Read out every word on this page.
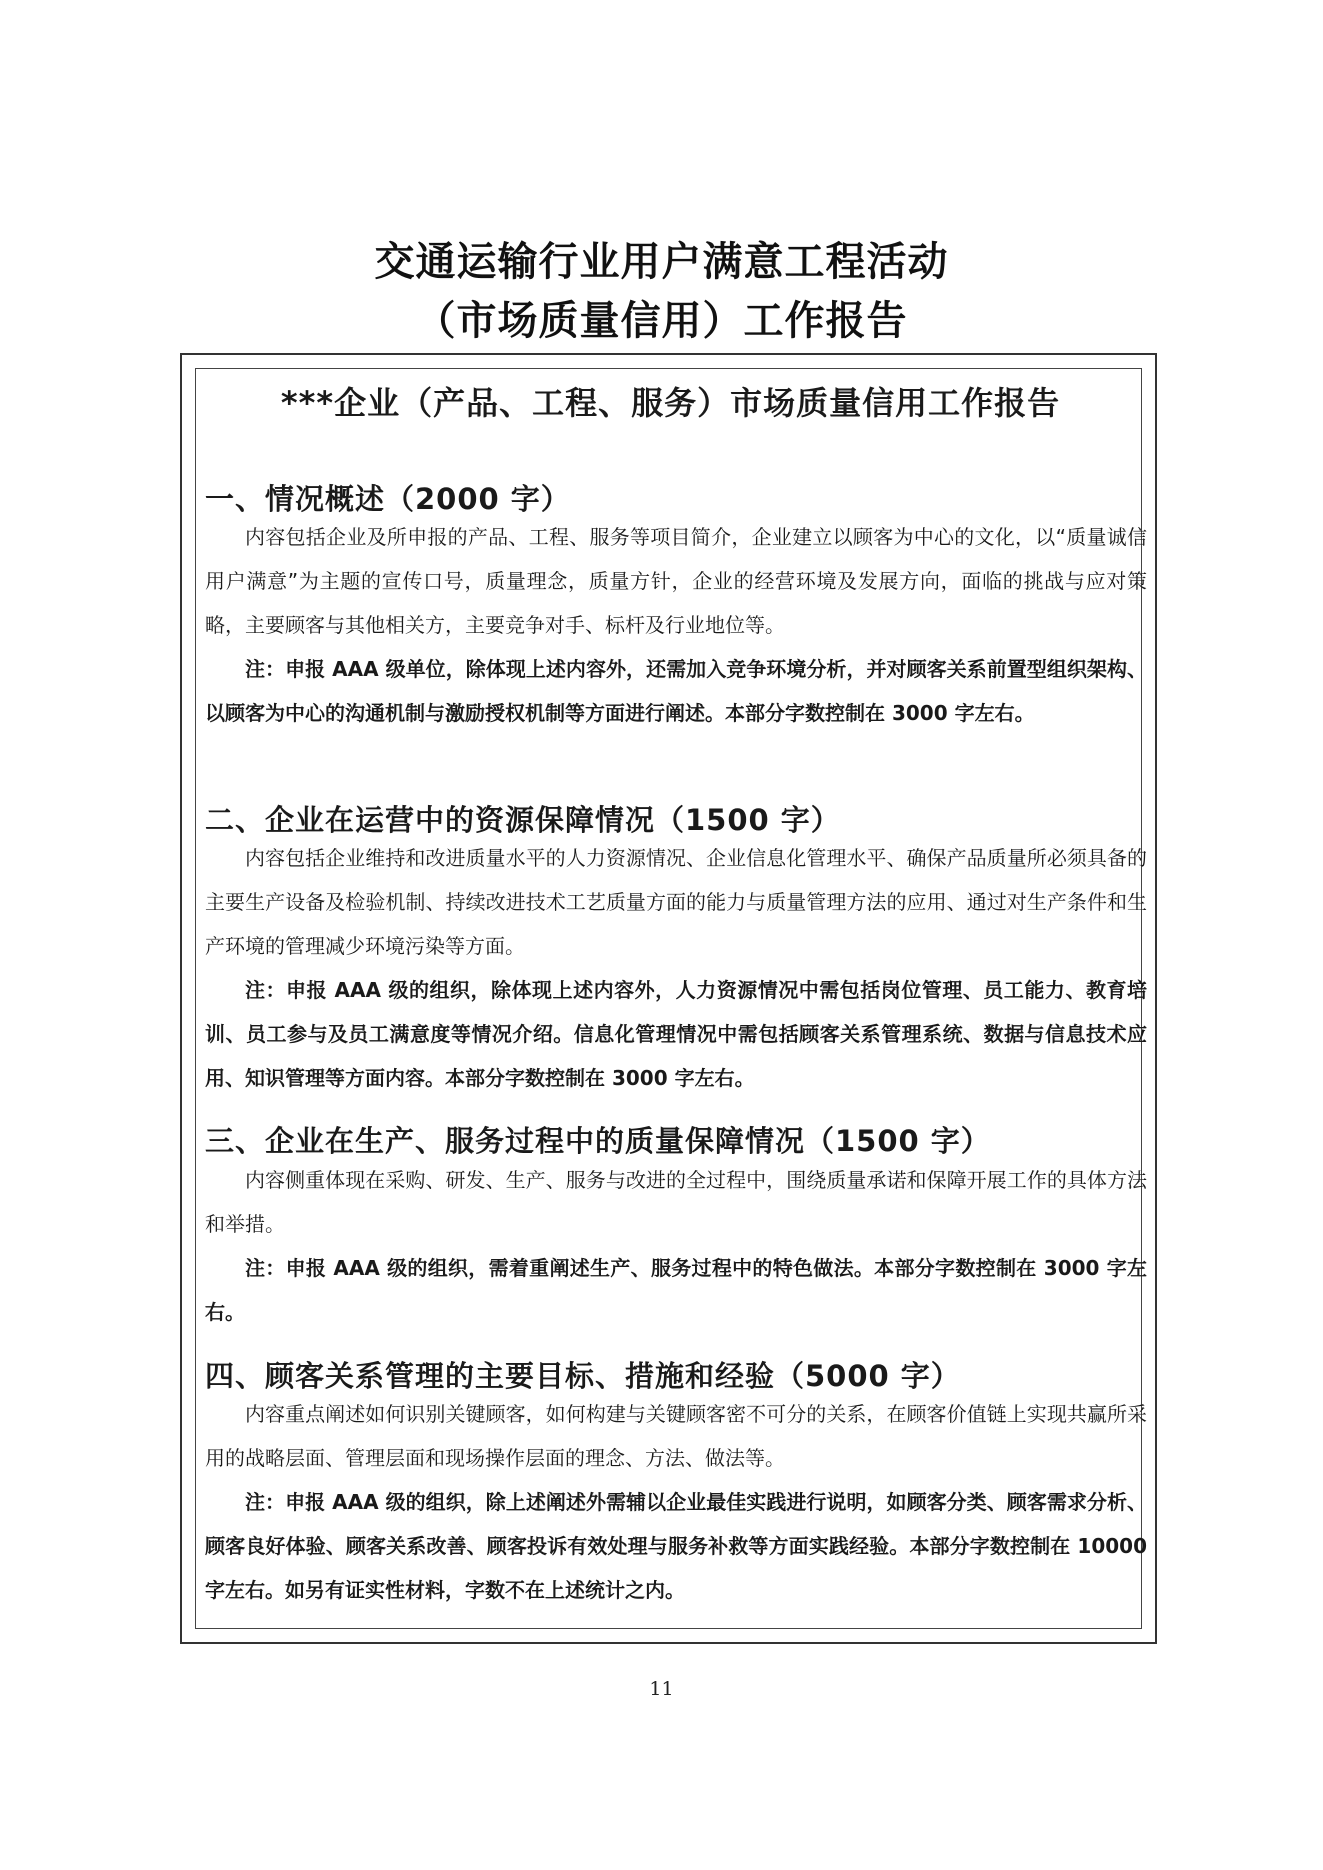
交通运输行业用户满意工程活动
（市场质量信用）工作报告
***企业（产品、工程、服务）市场质量信用工作报告
一、情况概述（2000 字）

内容包括企业及所申报的产品、工程、服务等项目简介，企业建立以顾客为中心的文化，以“质量诚信用户满意”为主题的宣传口号，质量理念，质量方针，企业的经营环境及发展方向，面临的挑战与应对策略，主要顾客与其他相关方，主要竞争对手、标杆及行业地位等。

注：申报 AAA 级单位，除体现上述内容外，还需加入竞争环境分析，并对顾客关系前置型组织架构、以顾客为中心的沟通机制与激励授权机制等方面进行阐述。本部分字数控制在 3000 字左右。

二、企业在运营中的资源保障情况（1500 字）

内容包括企业维持和改进质量水平的人力资源情况、企业信息化管理水平、确保产品质量所必须具备的主要生产设备及检验机制、持续改进技术工艺质量方面的能力与质量管理方法的应用、通过对生产条件和生产环境的管理减少环境污染等方面。

注：申报 AAA 级的组织，除体现上述内容外，人力资源情况中需包括岗位管理、员工能力、教育培训、员工参与及员工满意度等情况介绍。信息化管理情况中需包括顾客关系管理系统、数据与信息技术应用、知识管理等方面内容。本部分字数控制在 3000 字左右。

三、企业在生产、服务过程中的质量保障情况（1500 字）

内容侧重体现在采购、研发、生产、服务与改进的全过程中，围绕质量承诺和保障开展工作的具体方法和举措。

注：申报 AAA 级的组织，需着重阐述生产、服务过程中的特色做法。本部分字数控制在 3000 字左右。

四、顾客关系管理的主要目标、措施和经验（5000 字）

内容重点阐述如何识别关键顾客，如何构建与关键顾客密不可分的关系，在顾客价值链上实现共赢所采用的战略层面、管理层面和现场操作层面的理念、方法、做法等。

注：申报 AAA 级的组织，除上述阐述外需辅以企业最佳实践进行说明，如顾客分类、顾客需求分析、顾客良好体验、顾客关系改善、顾客投诉有效处理与服务补救等方面实践经验。本部分字数控制在 10000 字左右。如另有证实性材料，字数不在上述统计之内。

11
